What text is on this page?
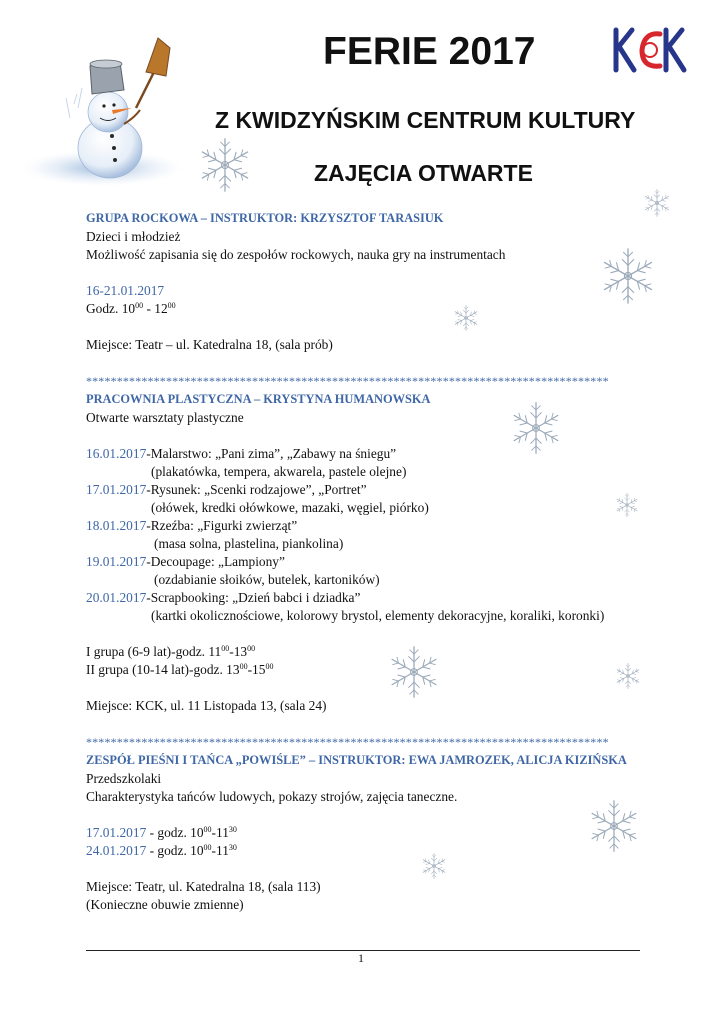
FERIE 2017
Z KWIDZYŃSKIM CENTRUM KULTURY
ZAJĘCIA OTWARTE
GRUPA ROCKOWA – INSTRUKTOR: KRZYSZTOF TARASIUK
Dzieci i młodzież
Możliwość zapisania się do zespołów rockowych, nauka gry na instrumentach
16-21.01.2017
Godz. $10^{00} - 12^{00}$
Miejsce: Teatr – ul. Katedralna 18, (sala prób)
*************************************************************************************
PRACOWNIA PLASTYCZNA – KRYSTYNA HUMANOWSKA
Otwarte warsztaty plastyczne
16.01.2017-Malarstwo: „Pani zima”, „Zabawy na śniegu”
(plakatówka, tempera, akwarela, pastele olejne)
17.01.2017-Rysunek: „Scenki rodzajowe”, „Portret”
(ołówek, kredki ołówkowe, mazaki, węgiel, piórko)
18.01.2017-Rzeźba: „Figurki zwierząt”
(masa solna, plastelina, piankolina)
19.01.2017-Decoupage: „Lampiony”
(ozdabianie słoików, butelek, kartoników)
20.01.2017-Scrapbooking: „Dzień babci i dziadka”
(kartki okolicznościowe, kolorowy brystol, elementy dekoracyjne, koraliki, koronki)
I grupa (6-9 lat)-godz. $11^{00}-13^{00}$
II grupa (10-14 lat)-godz. $13^{00}-15^{00}$
Miejsce: KCK, ul. 11 Listopada 13, (sala 24)
*************************************************************************************
ZESPÓŁ PIEŚNI I TAŃCA „POWIŚLE” – INSTRUKTOR: EWA JAMROZEK, ALICJA KIZIŃSKA
Przedszkolaki
Charakterystyka tańców ludowych, pokazy strojów, zajęcia taneczne.
17.01.2017 - godz. $10^{00}-11^{30}$
24.01.2017 - godz. $10^{00}-11^{30}$
Miejsce: Teatr, ul. Katedralna 18, (sala 113)
(Konieczne obuwie zmienne)
1
